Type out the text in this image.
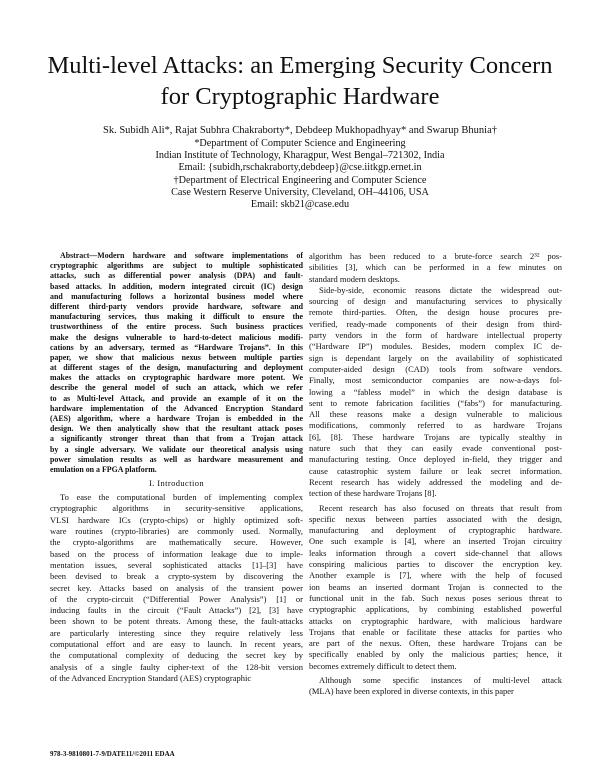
Multi-level Attacks: an Emerging Security Concern
for Cryptographic Hardware
Sk. Subidh Ali*, Rajat Subhra Chakraborty*, Debdeep Mukhopadhyay* and Swarup Bhunia†
*Department of Computer Science and Engineering
Indian Institute of Technology, Kharagpur, West Bengal–721302, India
Email: {subidh,rschakraborty,debdeep}@cse.iitkgp.ernet.in
†Department of Electrical Engineering and Computer Science
Case Western Reserve University, Cleveland, OH–44106, USA
Email: skb21@case.edu
Abstract—Modern hardware and software implementations of
cryptographic algorithms are subject to multiple sophisticated
attacks, such as differential power analysis (DPA) and fault-
based attacks. In addition, modern integrated circuit (IC) design
and manufacturing follows a horizontal business model where
different third-party vendors provide hardware, software and
manufacturing services, thus making it difficult to ensure the
trustworthiness of the entire process. Such business practices
make the designs vulnerable to hard-to-detect malicious modifi-
cations by an adversary, termed as “Hardware Trojans”. In this
paper, we show that malicious nexus between multiple parties
at different stages of the design, manufacturing and deployment
makes the attacks on cryptographic hardware more potent. We
describe the general model of such an attack, which we refer
to as Multi-level Attack, and provide an example of it on the
hardware implementation of the Advanced Encryption Standard
(AES) algorithm, where a hardware Trojan is embedded in the
design. We then analytically show that the resultant attack poses
a significantly stronger threat than that from a Trojan attack
by a single adversary. We validate our theoretical analysis using
power simulation results as well as hardware measurement and
emulation on a FPGA platform.
I. Introduction
To ease the computational burden of implementing complex
cryptographic algorithms in security-sensitive applications,
VLSI hardware ICs (crypto-chips) or highly optimized soft-
ware routines (crypto-libraries) are commonly used. Normally,
the crypto-algorithms are mathematically secure. However,
based on the process of information leakage due to imple-
mentation issues, several sophisticated attacks [1]–[3] have
been devised to break a crypto-system by discovering the
secret key. Attacks based on analysis of the transient power
of the crypto-circuit (“Differential Power Analysis”) [1] or
inducing faults in the circuit (“Fault Attacks”) [2], [3] have
been shown to be potent threats. Among these, the fault-attacks
are particularly interesting since they require relatively less
computational effort and are easy to launch. In recent years,
the computational complexity of deducing the secret key by
analysis of a single faulty cipher-text of the 128-bit version
of the Advanced Encryption Standard (AES) cryptographic
algorithm has been reduced to a brute-force search 2³² pos-
sibilities [3], which can be performed in a few minutes on
standard modern desktops.
Side-by-side, economic reasons dictate the widespread out-
sourcing of design and manufacturing services to physically
remote third-parties. Often, the design house procures pre-
verified, ready-made components of their design from third-
party vendors in the form of hardware intellectual property
(“Hardware IP”) modules. Besides, modern complex IC de-
sign is dependant largely on the availability of sophisticated
computer-aided design (CAD) tools from software vendors.
Finally, most semiconductor companies are now-a-days fol-
lowing a “fabless model” in which the design database is
sent to remote fabrication facilities (“fabs”) for manufacturing.
All these reasons make a design vulnerable to malicious
modifications, commonly referred to as hardware Trojans
[6], [8]. These hardware Trojans are typically stealthy in
nature such that they can easily evade conventional post-
manufacturing testing. Once deployed in-field, they trigger and
cause catastrophic system failure or leak secret information.
Recent research has widely addressed the modeling and de-
tection of these hardware Trojans [8].
Recent research has also focused on threats that result from
specific nexus between parties associated with the design,
manufacturing and deployment of cryptographic hardware.
One such example is [4], where an inserted Trojan circuitry
leaks information through a covert side-channel that allows
conspiring malicious parties to discover the encryption key.
Another example is [7], where with the help of focused
ion beams an inserted dormant Trojan is connected to the
functional unit in the fab. Such nexus poses serious threat to
cryptographic applications, by combining established powerful
attacks on cryptographic hardware, with malicious hardware
Trojans that enable or facilitate these attacks for parties who
are part of the nexus. Often, these hardware Trojans can be
specifically enabled by only the malicious parties; hence, it
becomes extremely difficult to detect them.
Although some specific instances of multi-level attack
(MLA) have been explored in diverse contexts, in this paper
978-3-9810801-7-9/DATE11/©2011 EDAA
